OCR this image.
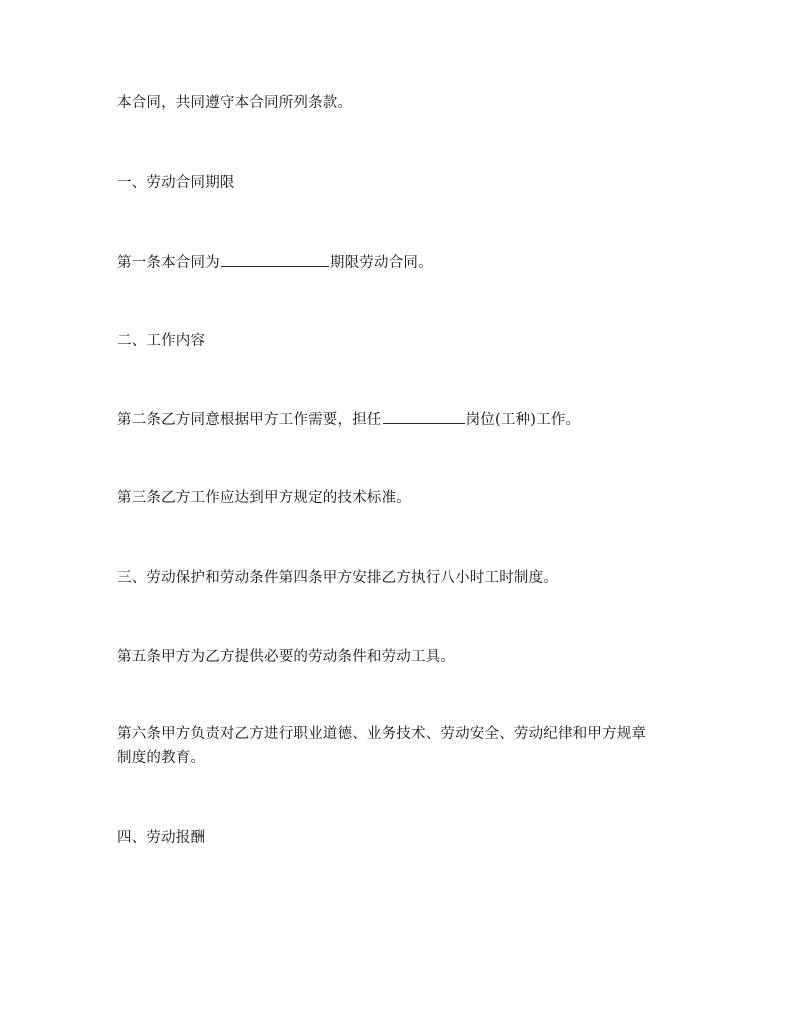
本合同，共同遵守本合同所列条款。

一、劳动合同期限

第一条本合同为	期限劳动合同。

二、工作内容

第二条乙方同意根据甲方工作需要，担任	岗位(工种)工作。

第三条乙方工作应达到甲方规定的技术标准。

三、劳动保护和劳动条件第四条甲方安排乙方执行八小时工时制度。

第五条甲方为乙方提供必要的劳动条件和劳动工具。

第六条甲方负责对乙方进行职业道德、业务技术、劳动安全、劳动纪律和甲方规章
制度的教育。

四、劳动报酬
